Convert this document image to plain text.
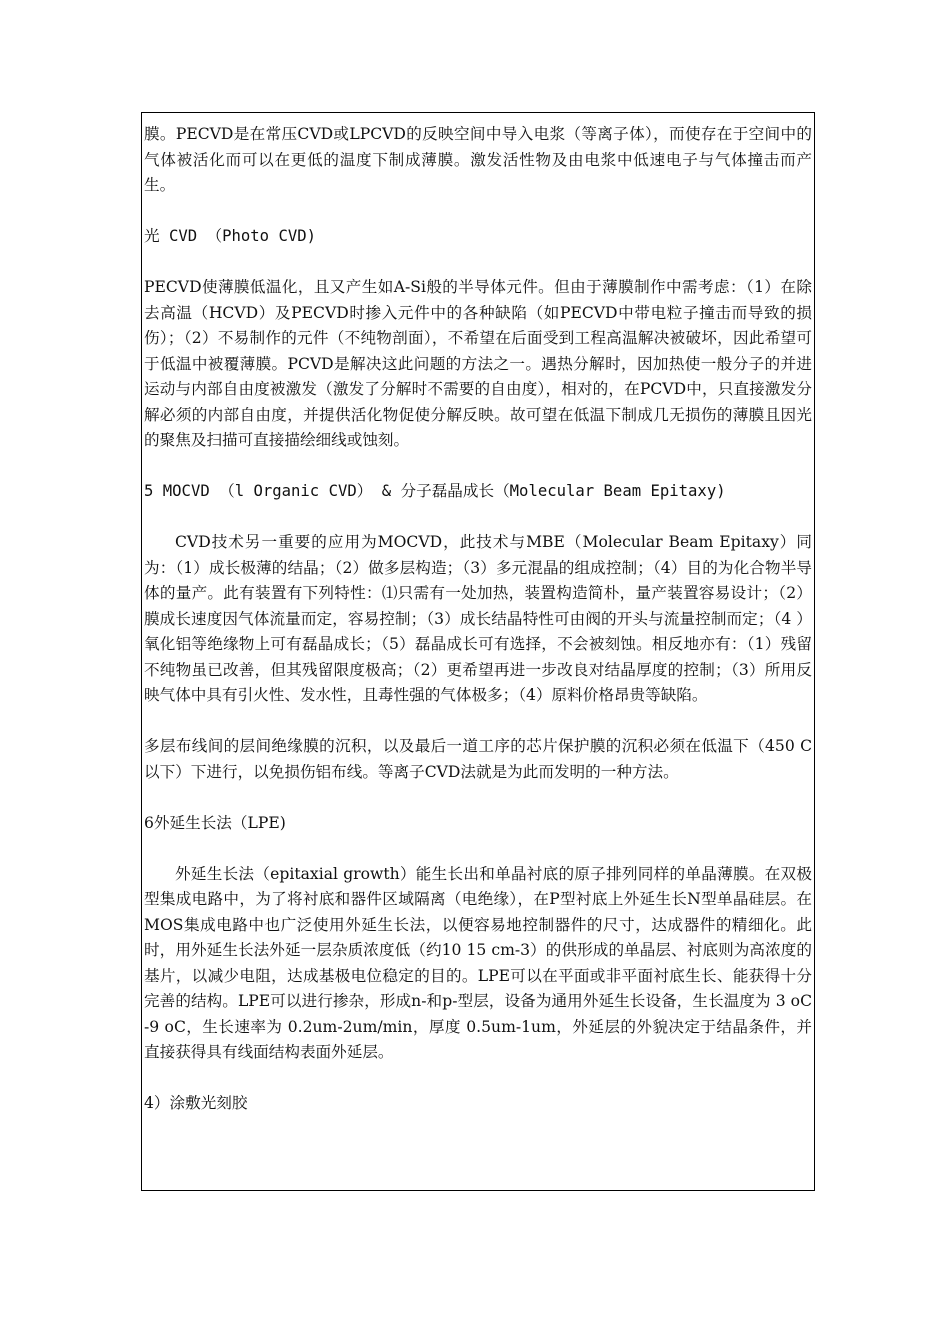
膜。PECVD是在常压CVD或LPCVD的反映空间中导入电浆（等离子体），而使存在于空间中的气体被活化而可以在更低的温度下制成薄膜。激发活性物及由电浆中低速电子与气体撞击而产生。

光 CVD （Photo CVD)

PECVD使薄膜低温化，且又产生如A-Si般的半导体元件。但由于薄膜制作中需考虑：（1）在除去高温（HCVD）及PECVD时掺入元件中的各种缺陷（如PECVD中带电粒子撞击而导致的损伤）；（2）不易制作的元件（不纯物剖面），不希望在后面受到工程高温解决被破坏，因此希望可于低温中被覆薄膜。PCVD是解决这此问题的方法之一。遇热分解时，因加热使一般分子的并进运动与内部自由度被激发（激发了分解时不需要的自由度），相对的，在PCVD中，只直接激发分解必须的内部自由度，并提供活化物促使分解反映。故可望在低温下制成几无损伤的薄膜且因光的聚焦及扫描可直接描绘细线或蚀刻。

5 MOCVD （l Organic CVD） & 分子磊晶成长（Molecular Beam Epitaxy)

CVD技术另一重要的应用为MOCVD，此技术与MBE（Molecular Beam Epitaxy）同为：（1）成长极薄的结晶；（2）做多层构造；（3）多元混晶的组成控制；（4）目的为化合物半导体的量产。此有装置有下列特性：⑴只需有一处加热，装置构造简朴，量产装置容易设计；（2）膜成长速度因气体流量而定，容易控制；（3）成长结晶特性可由阀的开头与流量控制而定；（4 ）氧化铝等绝缘物上可有磊晶成长；（5）磊晶成长可有选择，不会被刻蚀。相反地亦有：（1）残留不纯物虽已改善，但其残留限度极高；（2）更希望再进一步改良对结晶厚度的控制；（3）所用反映气体中具有引火性、发水性，且毒性强的气体极多；（4）原料价格昂贵等缺陷。

多层布线间的层间绝缘膜的沉积，以及最后一道工序的芯片保护膜的沉积必须在低温下（450 C以下）下进行，以免损伤铝布线。等离子CVD法就是为此而发明的一种方法。

6外延生长法（LPE)

外延生长法（epitaxial growth）能生长出和单晶衬底的原子排列同样的单晶薄膜。在双极型集成电路中，为了将衬底和器件区域隔离（电绝缘），在P型衬底上外延生长N型单晶硅层。在MOS集成电路中也广泛使用外延生长法，以便容易地控制器件的尺寸，达成器件的精细化。此时，用外延生长法外延一层杂质浓度低（约10 15 cm-3）的供形成的单晶层、衬底则为高浓度的基片，以减少电阻，达成基极电位稳定的目的。LPE可以在平面或非平面衬底生长、能获得十分完善的结构。LPE可以进行掺杂，形成n-和p-型层，设备为通用外延生长设备，生长温度为 3 oC-9 oC，生长速率为 0.2um-2um/min，厚度 0.5um-1um，外延层的外貌决定于结晶条件，并直接获得具有线面结构表面外延层。

4）涂敷光刻胶
